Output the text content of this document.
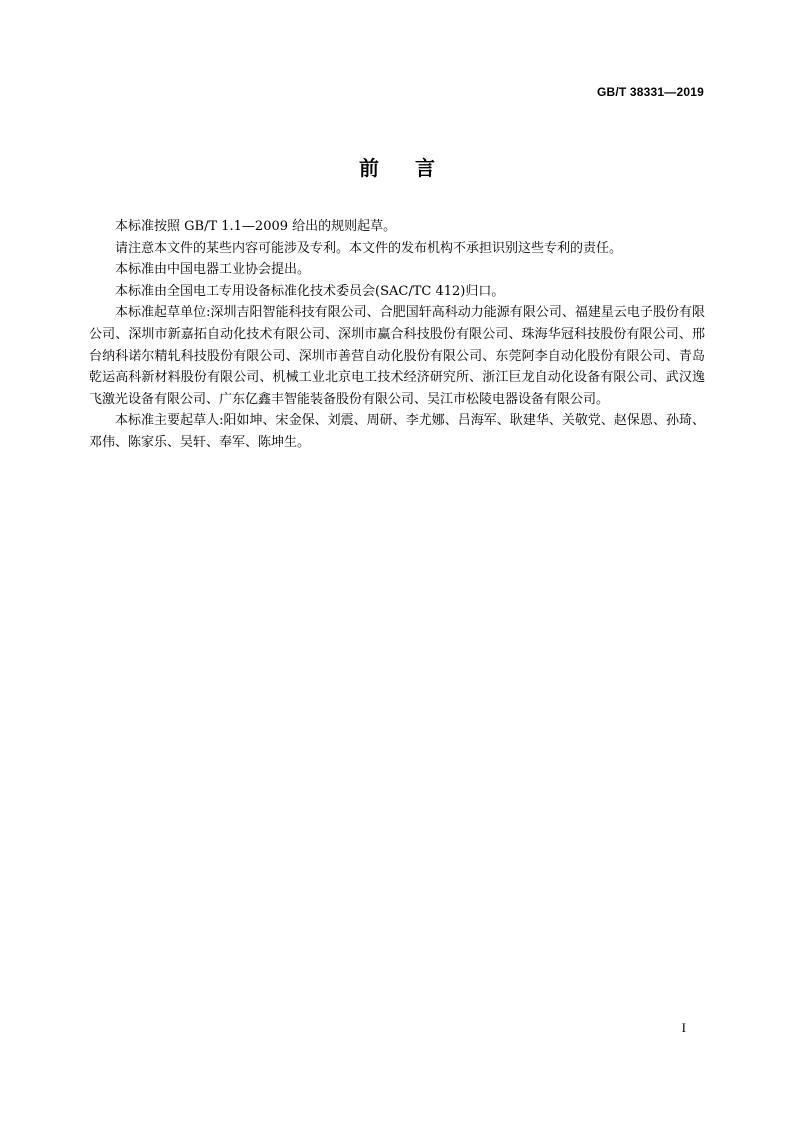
GB/T 38331—2019
前言

本标准按照 GB/T 1.1—2009 给出的规则起草。

请注意本文件的某些内容可能涉及专利。本文件的发布机构不承担识别这些专利的责任。

本标准由中国电器工业协会提出。

本标准由全国电工专用设备标准化技术委员会(SAC/TC 412)归口。

本标准起草单位:深圳吉阳智能科技有限公司、合肥国轩高科动力能源有限公司、福建星云电子股份有限公司、深圳市新嘉拓自动化技术有限公司、深圳市赢合科技股份有限公司、珠海华冠科技股份有限公司、邢台纳科诺尔精轧科技股份有限公司、深圳市善营自动化股份有限公司、东莞阿李自动化股份有限公司、青岛乾运高科新材料股份有限公司、机械工业北京电工技术经济研究所、浙江巨龙自动化设备有限公司、武汉逸飞激光设备有限公司、广东亿鑫丰智能装备股份有限公司、吴江市松陵电器设备有限公司。

本标准主要起草人:阳如坤、宋金保、刘震、周研、李尤娜、吕海军、耿建华、关敬党、赵保恩、孙琦、邓伟、陈家乐、吴轩、奉军、陈坤生。

I
